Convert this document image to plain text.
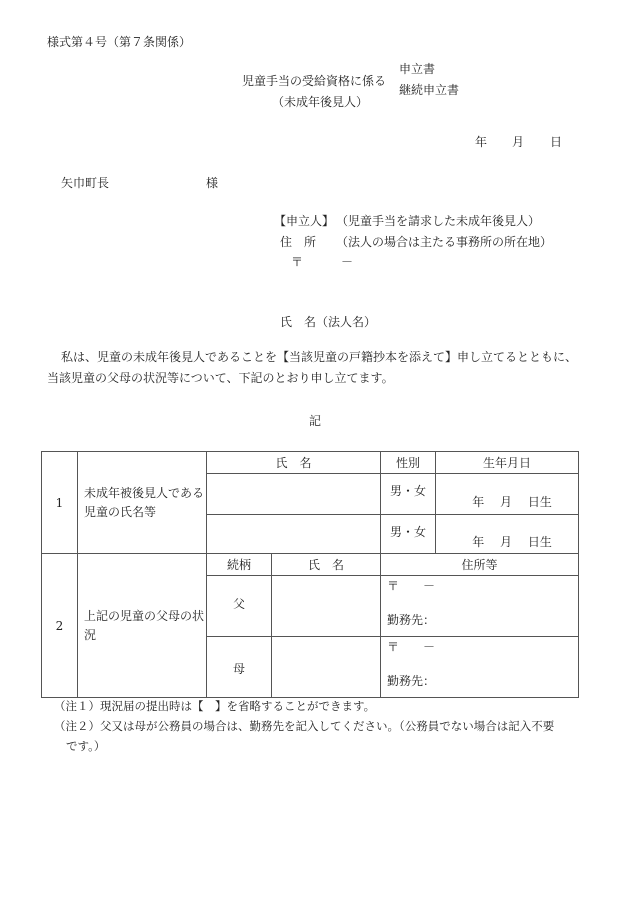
様式第４号（第７条関係）
児童手当の受給資格に係る
（未成年後見人）
申立書
継続申立書
年 月 日
矢巾町長	様
【申立人】 （児童手当を請求した未成年後見人）
住　所 （法人の場合は主たる事務所の所在地）
〒	－
氏　名（法人名）
私は、児童の未成年後見人であることを【当該児童の戸籍抄本を添えて】申し立てるとともに、
当該児童の父母の状況等について、下記のとおり申し立てます。
記
1	未成年被後見人である児童の氏名等	氏　名		性別	生年月日
				男・女	年　 月　 日生
				男・女	年　 月　 日生
2	上記の児童の父母の状況	続柄	氏　名	住所等	
		父		〒　　－
勤務先：	

		母		〒　　－
勤務先：	
（注１）現況届の提出時は【　】を省略することができます。
（注２）父又は母が公務員の場合は、勤務先を記入してください。（公務員でない場合は記入不要
です。）
